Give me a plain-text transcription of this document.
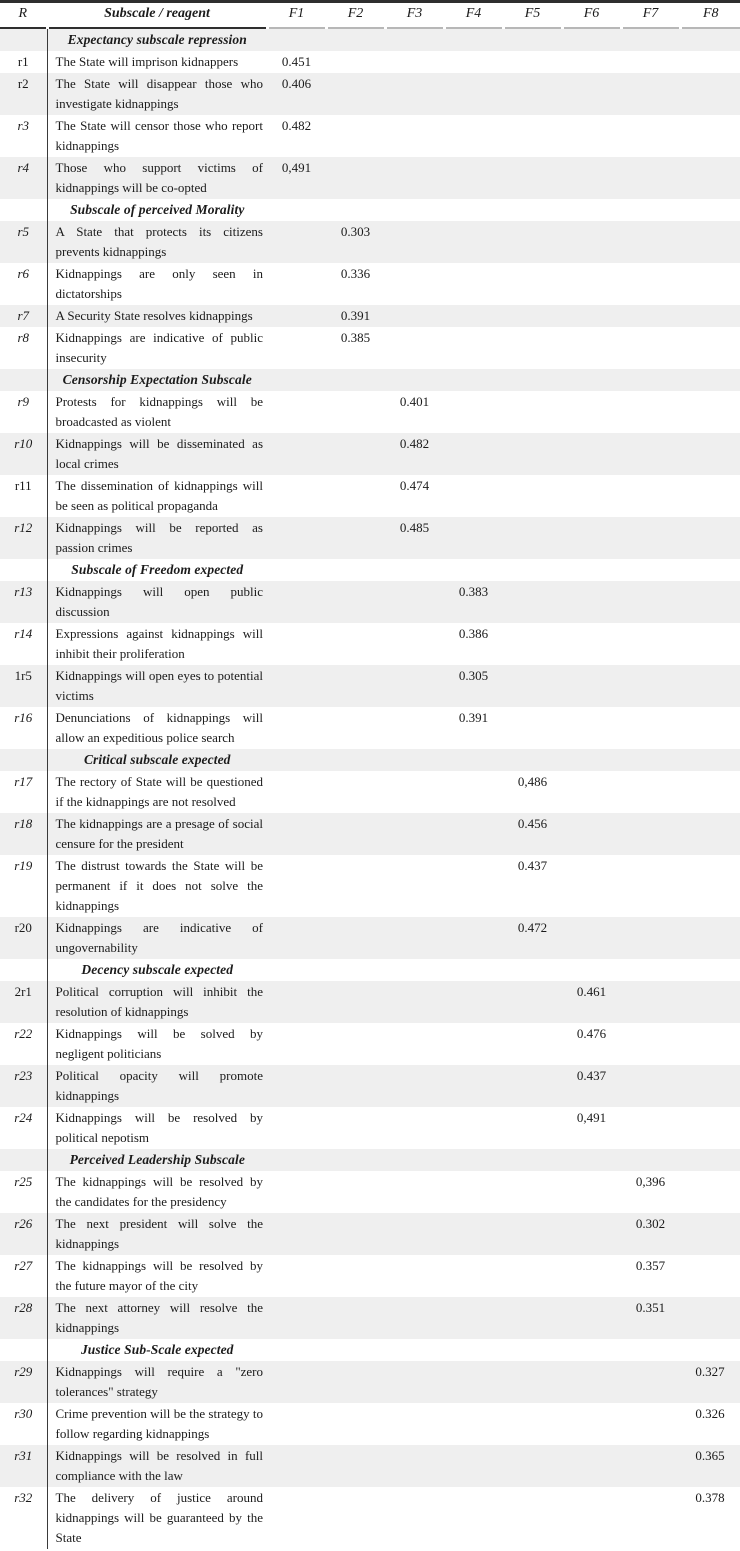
R	Subscale / reagent	F1	F2	F3	F4	F5	F6	F7	F8
	Expectancy subscale repression								
r1	The State will imprison kidnappers	0.451							
r2	The State will disappear those who investigate kidnappings	0.406							
r3	The State will censor those who report kidnappings	0.482							
r4	Those who support victims of kidnappings will be co-opted	0,491							
	Subscale of perceived Morality								
r5	A State that protects its citizens prevents kidnappings		0.303						
r6	Kidnappings are only seen in dictatorships		0.336						
r7	A Security State resolves kidnappings		0.391						
r8	Kidnappings are indicative of public insecurity		0.385						
	Censorship Expectation Subscale								
r9	Protests for kidnappings will be broadcasted as violent			0.401					
r10	Kidnappings will be disseminated as local crimes			0.482					
r11	The dissemination of kidnappings will be seen as political propaganda			0.474					
r12	Kidnappings will be reported as passion crimes			0.485					
	Subscale of Freedom expected								
r13	Kidnappings will open public discussion				0.383				
r14	Expressions against kidnappings will inhibit their proliferation				0.386				
1r5	Kidnappings will open eyes to potential victims				0.305				
r16	Denunciations of kidnappings will allow an expeditious police search				0.391				
	Critical subscale expected								
r17	The rectory of State will be questioned if the kidnappings are not resolved					0,486			
r18	The kidnappings are a presage of social censure for the president					0.456			
r19	The distrust towards the State will be permanent if it does not solve the kidnappings					0.437			
r20	Kidnappings are indicative of ungovernability					0.472			
	Decency subscale expected								
2r1	Political corruption will inhibit the resolution of kidnappings						0.461		
r22	Kidnappings will be solved by negligent politicians						0.476		
r23	Political opacity will promote kidnappings						0.437		
r24	Kidnappings will be resolved by political nepotism						0,491		
	Perceived Leadership Subscale								
r25	The kidnappings will be resolved by the candidates for the presidency							0,396	
r26	The next president will solve the kidnappings							0.302	
r27	The kidnappings will be resolved by the future mayor of the city							0.357	
r28	The next attorney will resolve the kidnappings							0.351	
	Justice Sub-Scale expected								
r29	Kidnappings will require a "zero tolerances" strategy								0.327
r30	Crime prevention will be the strategy to follow regarding kidnappings								0.326
r31	Kidnappings will be resolved in full compliance with the law								0.365
r32	The delivery of justice around kidnappings will be guaranteed by the State								0.378
